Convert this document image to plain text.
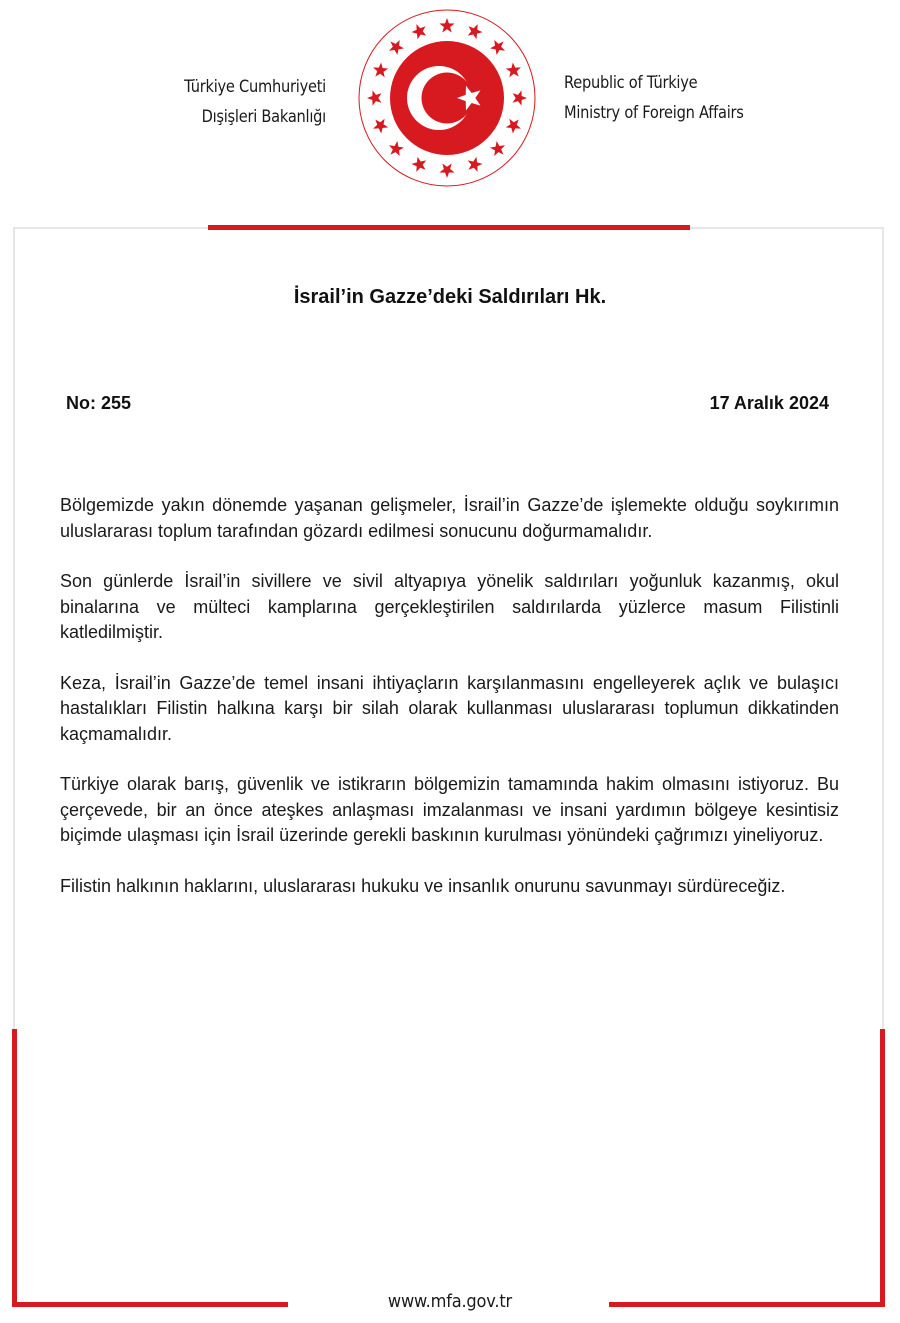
Türkiye Cumhuriyeti
Dışişleri Bakanlığı
Republic of Türkiye
Ministry of Foreign Affairs
İsrail’in Gazze’deki Saldırıları Hk.
No: 255	17 Aralık 2024

Bölgemizde yakın dönemde yaşanan gelişmeler, İsrail’in Gazze’de işlemekte olduğu soykırımın uluslararası toplum tarafından gözardı edilmesi sonucunu doğurmamalıdır.

Son günlerde İsrail’in sivillere ve sivil altyapıya yönelik saldırıları yoğunluk kazanmış, okul binalarına ve mülteci kamplarına gerçekleştirilen saldırılarda yüzlerce masum Filistinli katledilmiştir.

Keza, İsrail’in Gazze’de temel insani ihtiyaçların karşılanmasını engelleyerek açlık ve bulaşıcı hastalıkları Filistin halkına karşı bir silah olarak kullanması uluslararası toplumun dikkatinden kaçmamalıdır.

Türkiye olarak barış, güvenlik ve istikrarın bölgemizin tamamında hakim olmasını istiyoruz. Bu çerçevede, bir an önce ateşkes anlaşması imzalanması ve insani yardımın bölgeye kesintisiz biçimde ulaşması için İsrail üzerinde gerekli baskının kurulması yönündeki çağrımızı yineliyoruz.

Filistin halkının haklarını, uluslararası hukuku ve insanlık onurunu savunmayı sürdüreceğiz.

www.mfa.gov.tr
